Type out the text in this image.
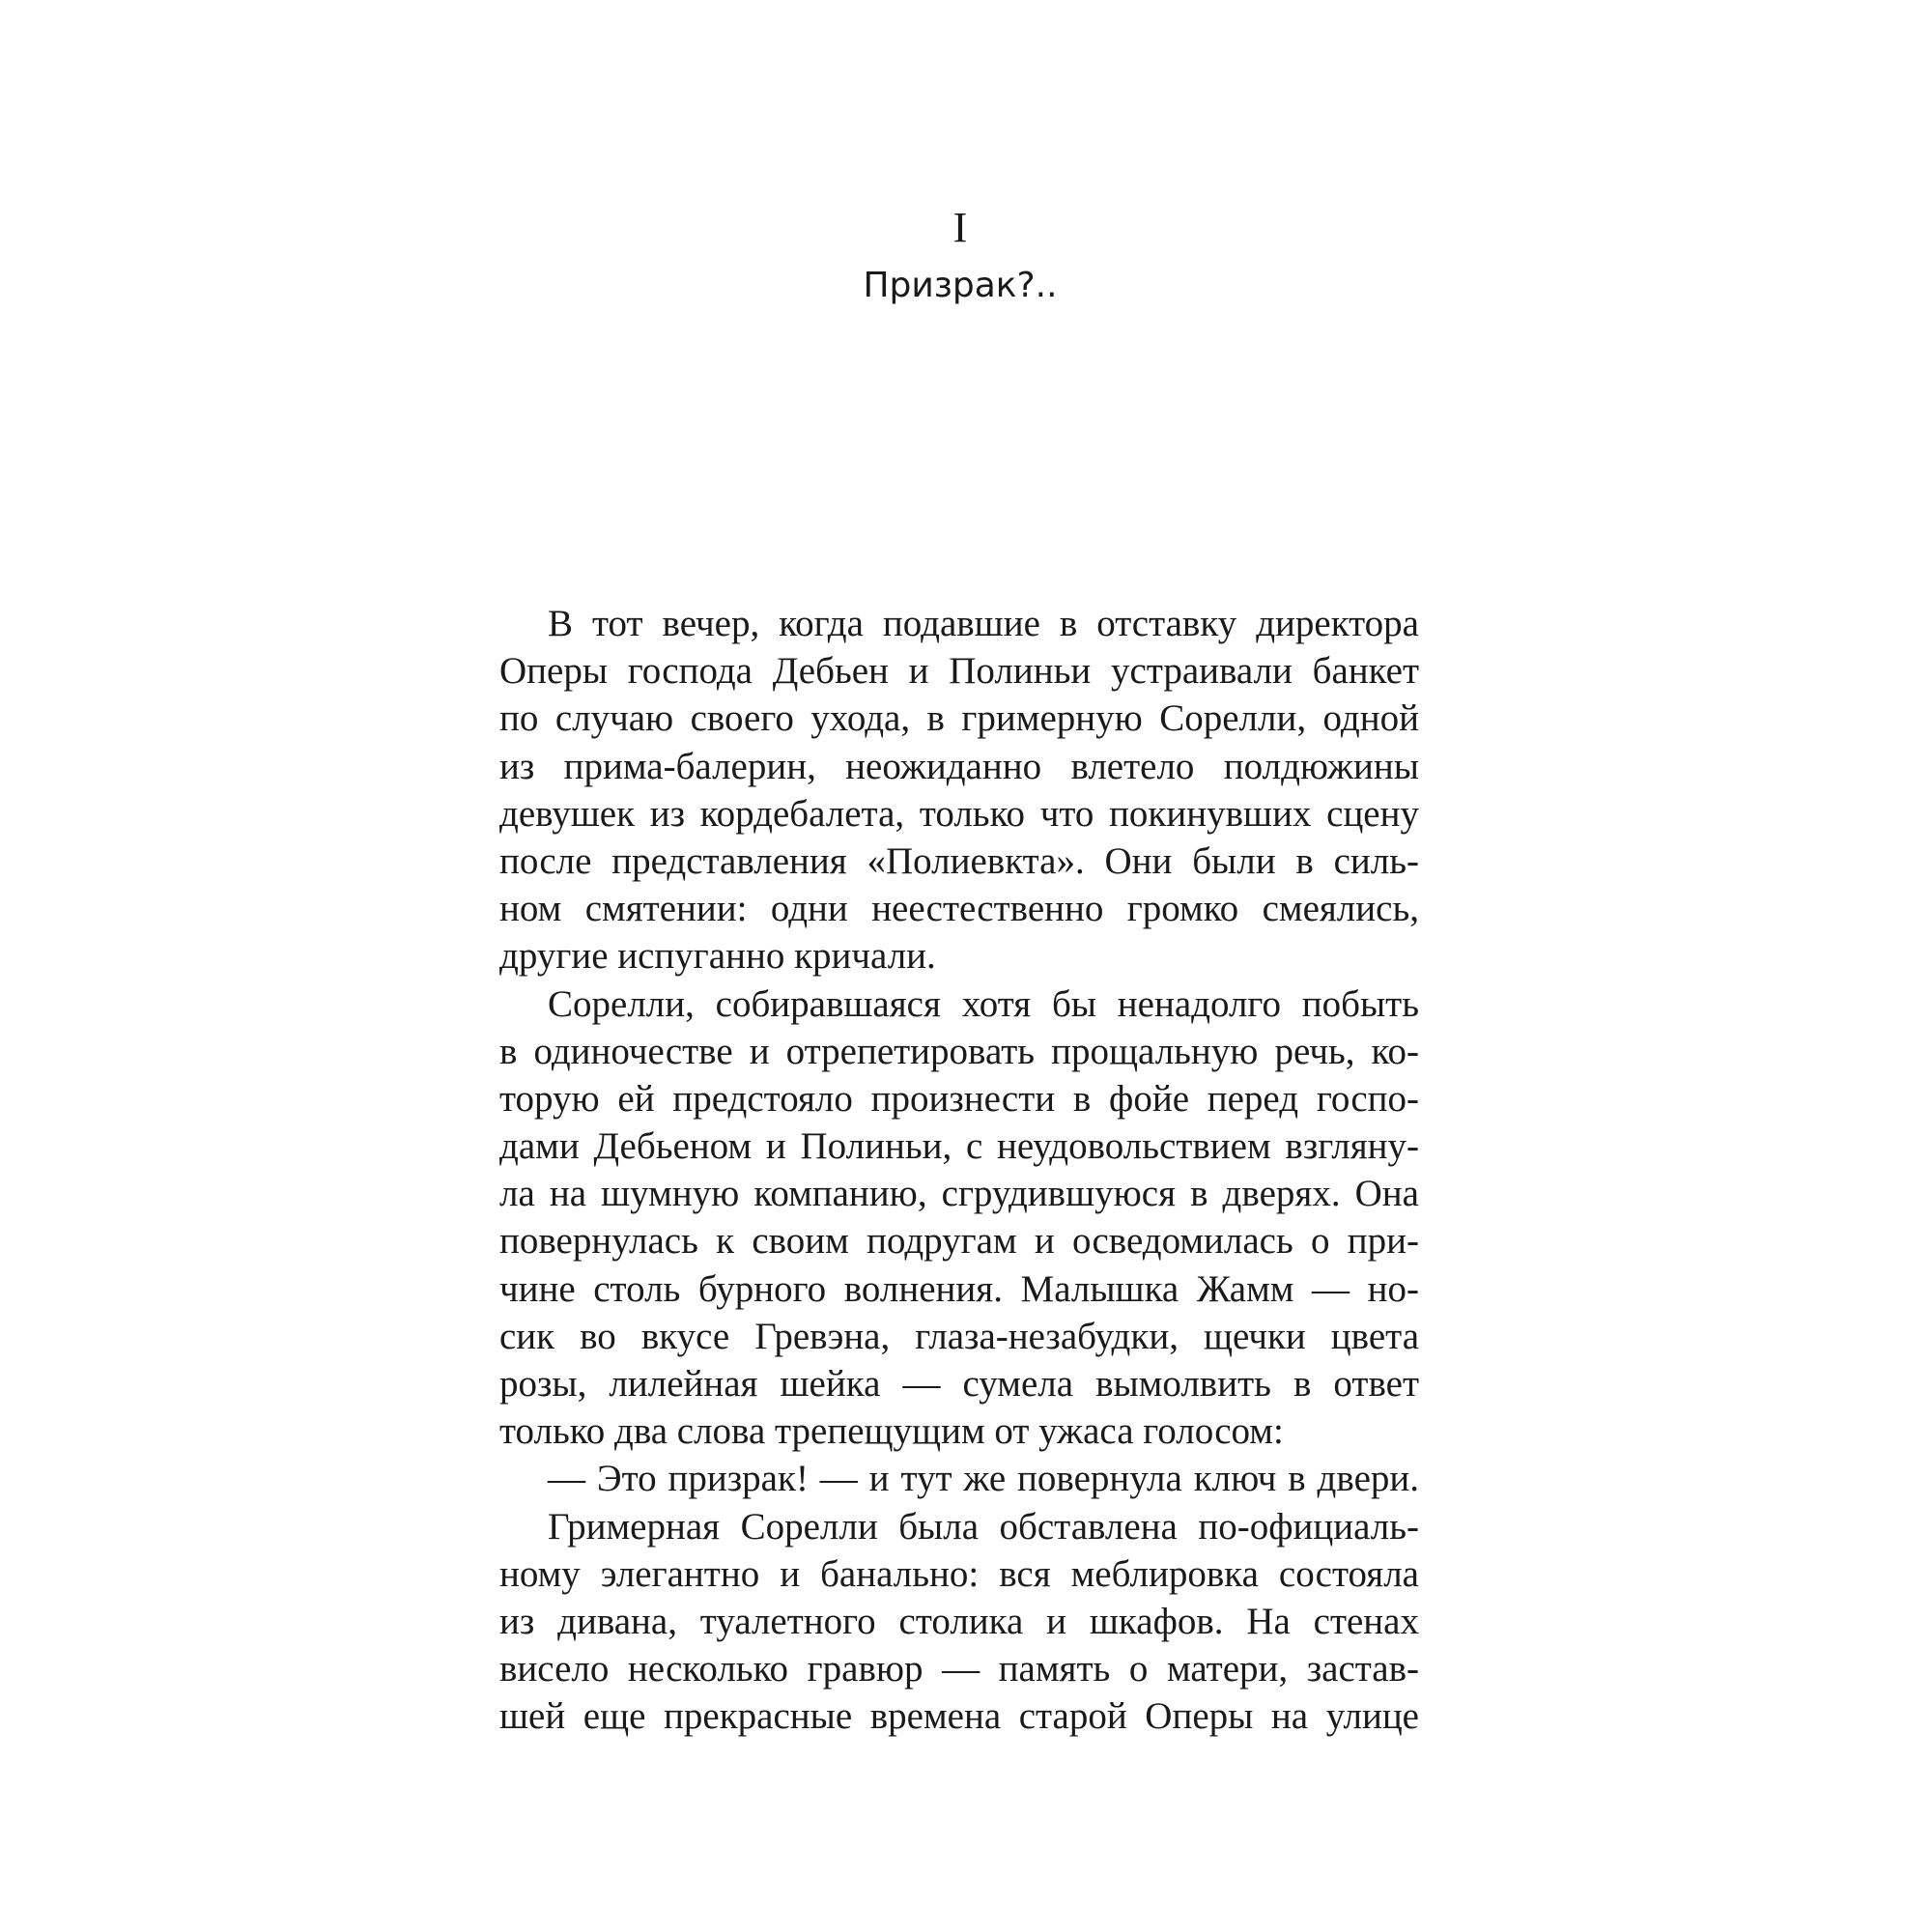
I
Призрак?..
В тот вечер, когда подавшие в отставку директора
Оперы господа Дебьен и Полиньи устраивали банкет
по случаю своего ухода, в гримерную Сорелли, одной
из прима-балерин, неожиданно влетело полдюжины
девушек из кордебалета, только что покинувших сцену
после представления «Полиевкта». Они были в силь-
ном смятении: одни неестественно громко смеялись,
другие испуганно кричали.
Сорелли, собиравшаяся хотя бы ненадолго побыть
в одиночестве и отрепетировать прощальную речь, ко-
торую ей предстояло произнести в фойе перед госпо-
дами Дебьеном и Полиньи, с неудовольствием взгляну-
ла на шумную компанию, сгрудившуюся в дверях. Она
повернулась к своим подругам и осведомилась о при-
чине столь бурного волнения. Малышка Жамм — но-
сик во вкусе Гревэна, глаза-незабудки, щечки цвета
розы, лилейная шейка — сумела вымолвить в ответ
только два слова трепещущим от ужаса голосом:
— Это призрак! — и тут же повернула ключ в двери.
Гримерная Сорелли была обставлена по-официаль-
ному элегантно и банально: вся меблировка состояла
из дивана, туалетного столика и шкафов. На стенах
висело несколько гравюр — память о матери, застав-
шей еще прекрасные времена старой Оперы на улице
